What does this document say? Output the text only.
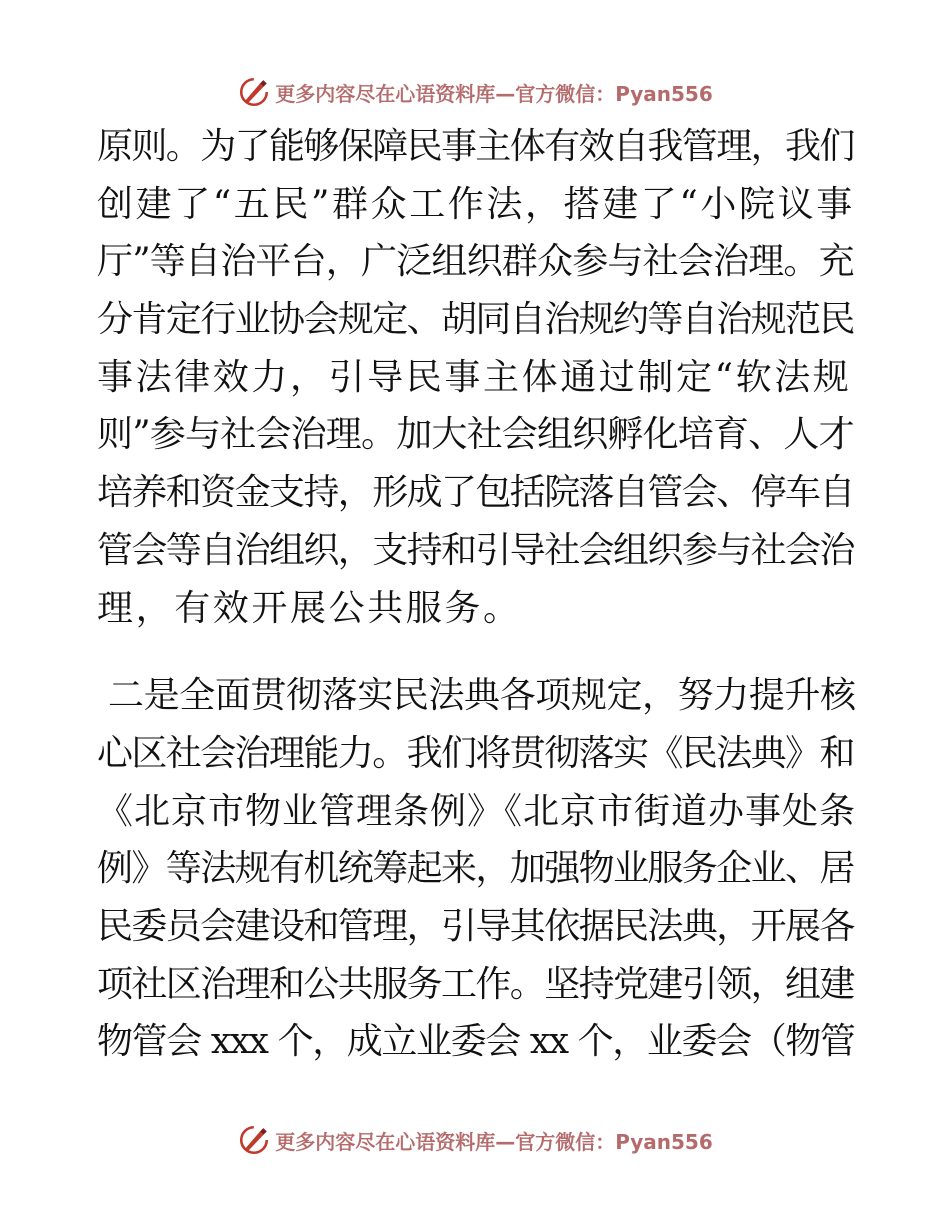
更多内容尽在心语资料库—官方微信：Pyan556
原则。为了能够保障民事主体有效自我管理，我们
创建了“五民”群众工作法，搭建了“小院议事
厅”等自治平台，广泛组织群众参与社会治理。充
分肯定行业协会规定、胡同自治规约等自治规范民
事法律效力，引导民事主体通过制定“软法规
则”参与社会治理。加大社会组织孵化培育、人才
培养和资金支持，形成了包括院落自管会、停车自
管会等自治组织，支持和引导社会组织参与社会治
理，有效开展公共服务。
二是全面贯彻落实民法典各项规定，努力提升核
心区社会治理能力。我们将贯彻落实《民法典》和
《北京市物业管理条例》《北京市街道办事处条
例》等法规有机统筹起来，加强物业服务企业、居
民委员会建设和管理，引导其依据民法典，开展各
项社区治理和公共服务工作。坚持党建引领，组建
物管会 xxx 个，成立业委会 xx 个，业委会（物管
更多内容尽在心语资料库—官方微信：Pyan556
